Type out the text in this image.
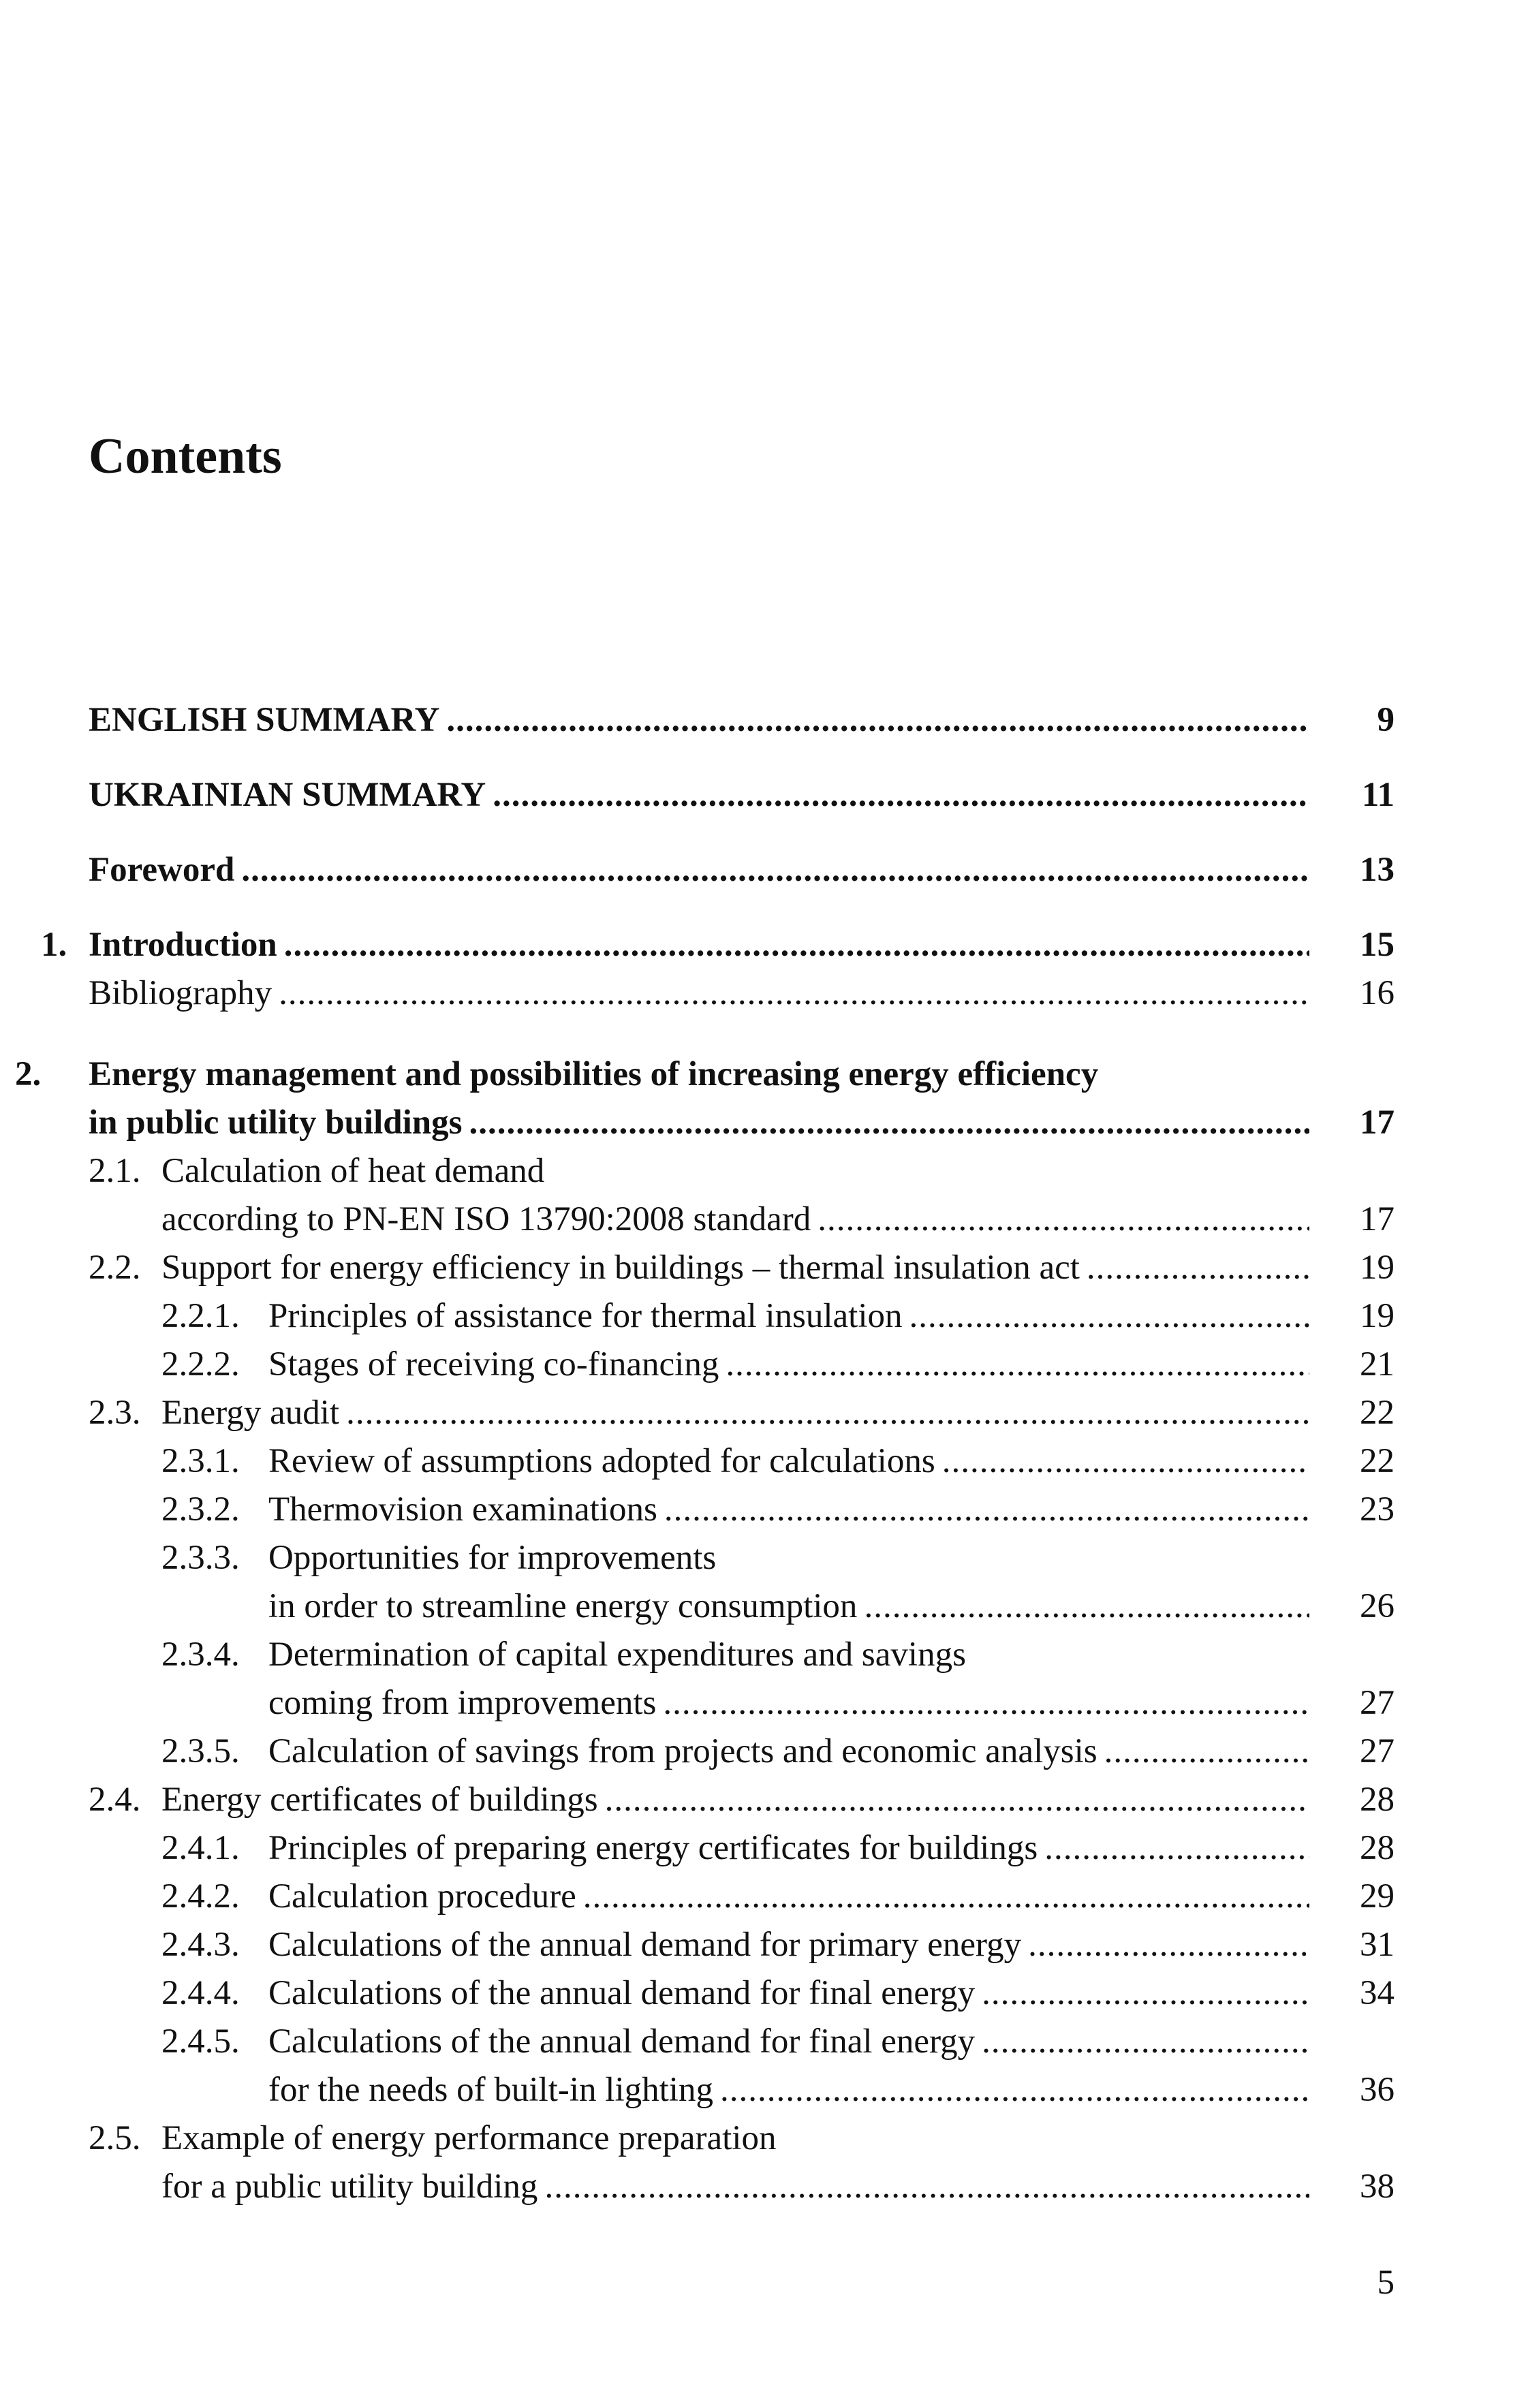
Contents
ENGLISH SUMMARY .....	9
UKRAINIAN SUMMARY .....	11
Foreword .....	13
1. Introduction .....	15
Bibliography .....	16
2. Energy management and possibilities of increasing energy efficiency
in public utility buildings .....	17
2.1. Calculation of heat demand
according to PN-EN ISO 13790:2008 standard .....	17
2.2. Support for energy efficiency in buildings – thermal insulation act .....	19
2.2.1. Principles of assistance for thermal insulation .....	19
2.2.2. Stages of receiving co-financing .....	21
2.3. Energy audit .....	22
2.3.1. Review of assumptions adopted for calculations .....	22
2.3.2. Thermovision examinations .....	23
2.3.3. Opportunities for improvements
in order to streamline energy consumption .....	26
2.3.4. Determination of capital expenditures and savings
coming from improvements .....	27
2.3.5. Calculation of savings from projects and economic analysis .....	27
2.4. Energy certificates of buildings .....	28
2.4.1. Principles of preparing energy certificates for buildings .....	28
2.4.2. Calculation procedure .....	29
2.4.3. Calculations of the annual demand for primary energy .....	31
2.4.4. Calculations of the annual demand for final energy .....	34
2.4.5. Calculations of the annual demand for final energy
.....
for the needs of built-in lighting .....	36
2.5. Example of energy performance preparation
for a public utility building .....	38
5
